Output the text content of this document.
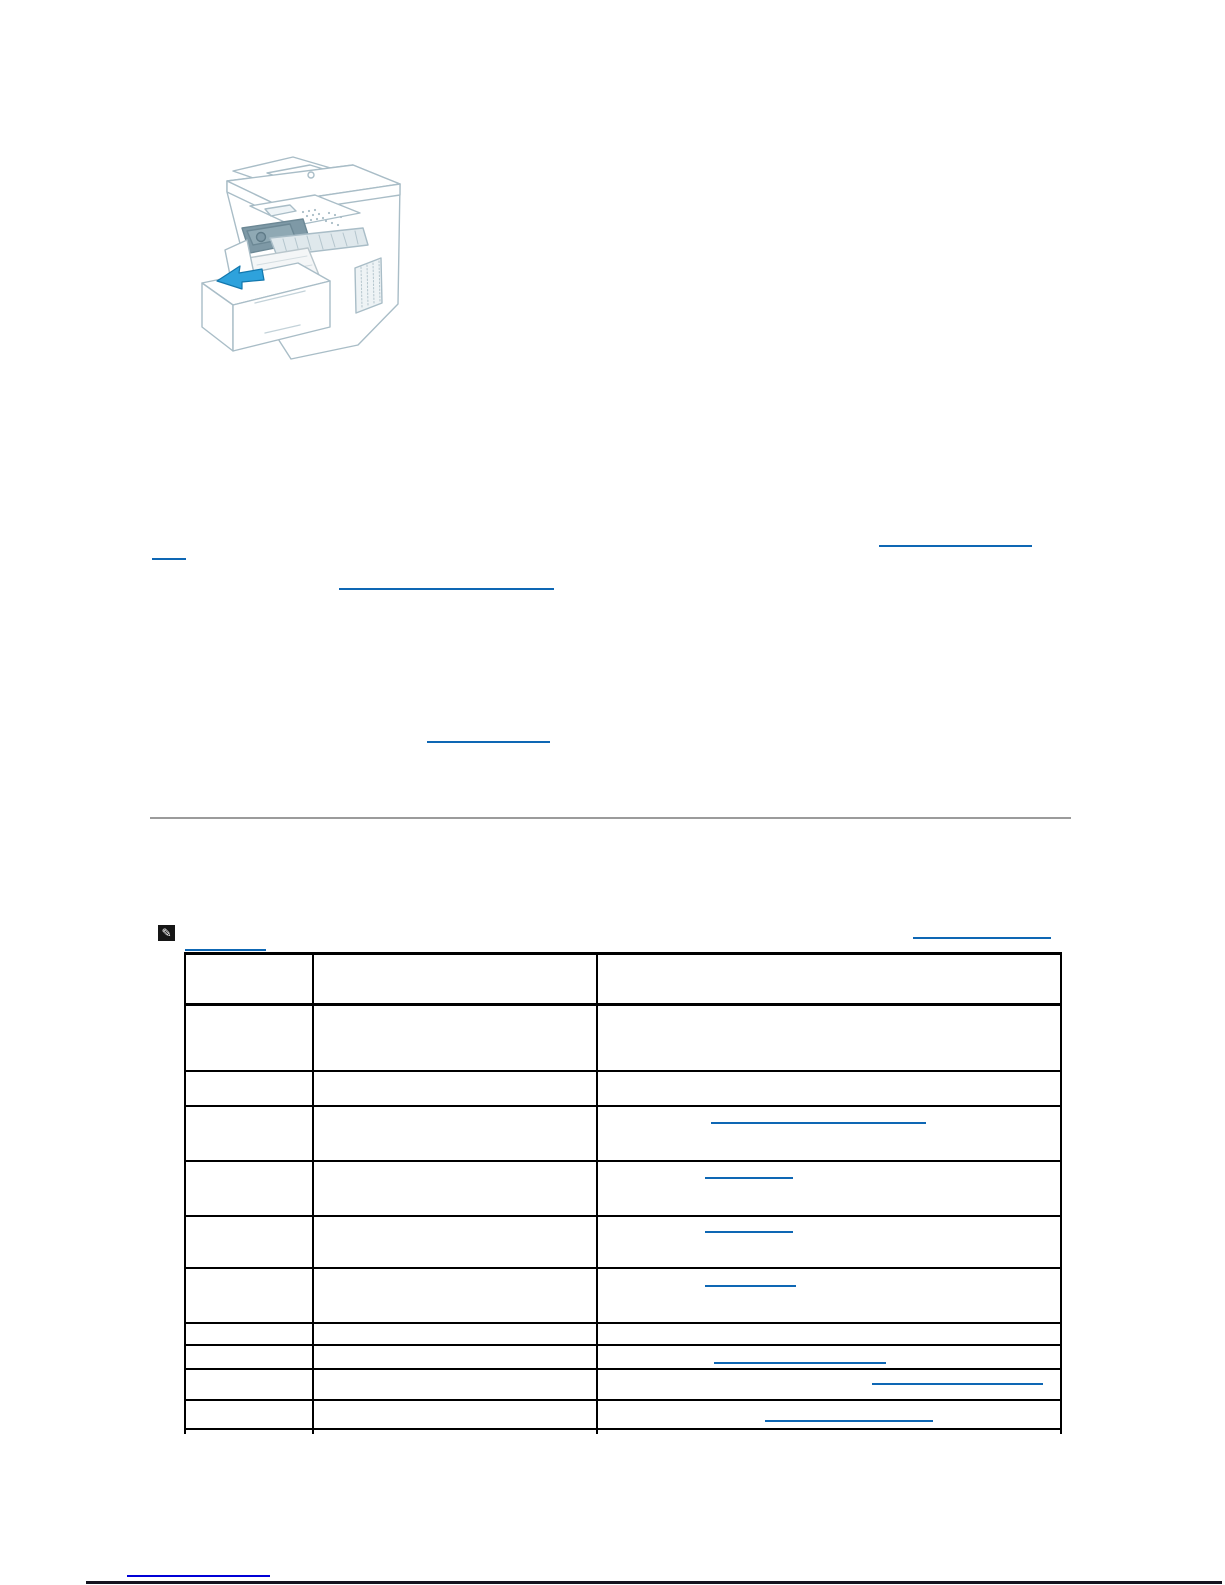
✎
